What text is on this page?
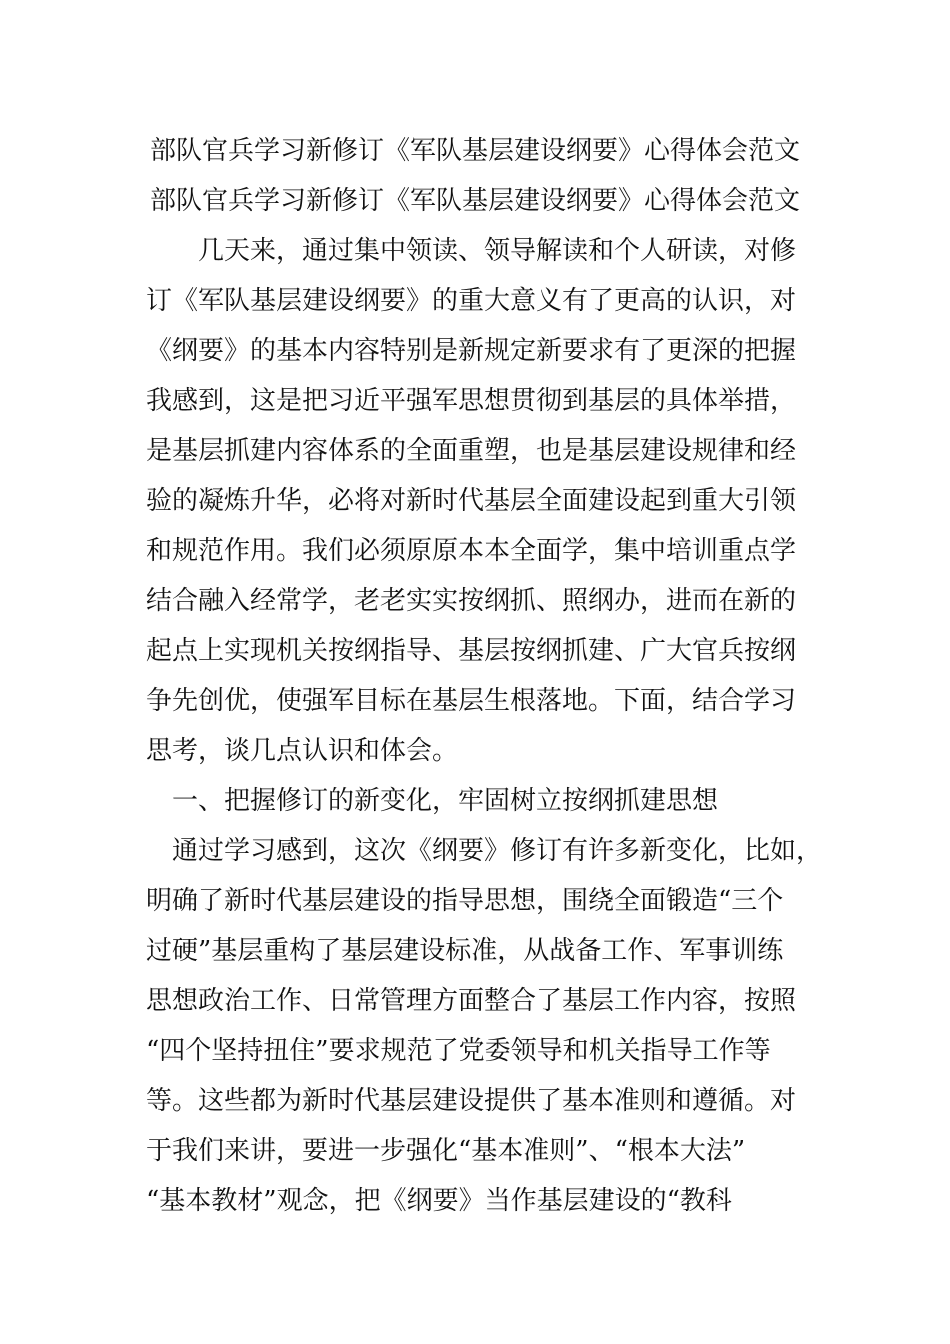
部队官兵学习新修订《军队基层建设纲要》心得体会范文
部队官兵学习新修订《军队基层建设纲要》心得体会范文
几天来，通过集中领读、领导解读和个人研读，对修
订《军队基层建设纲要》的重大意义有了更高的认识，对
《纲要》的基本内容特别是新规定新要求有了更深的把握
我感到，这是把习近平强军思想贯彻到基层的具体举措，
是基层抓建内容体系的全面重塑，也是基层建设规律和经
验的凝炼升华，必将对新时代基层全面建设起到重大引领
和规范作用。我们必须原原本本全面学，集中培训重点学
结合融入经常学，老老实实按纲抓、照纲办，进而在新的
起点上实现机关按纲指导、基层按纲抓建、广大官兵按纲
争先创优，使强军目标在基层生根落地。下面，结合学习
思考，谈几点认识和体会。
一、把握修订的新变化，牢固树立按纲抓建思想
通过学习感到，这次《纲要》修订有许多新变化，比如，
明确了新时代基层建设的指导思想，围绕全面锻造“三个
过硬”基层重构了基层建设标准，从战备工作、军事训练
思想政治工作、日常管理方面整合了基层工作内容，按照
“四个坚持扭住”要求规范了党委领导和机关指导工作等
等。这些都为新时代基层建设提供了基本准则和遵循。对
于我们来讲，要进一步强化“基本准则”、“根本大法”
“基本教材”观念，把《纲要》当作基层建设的“教科
